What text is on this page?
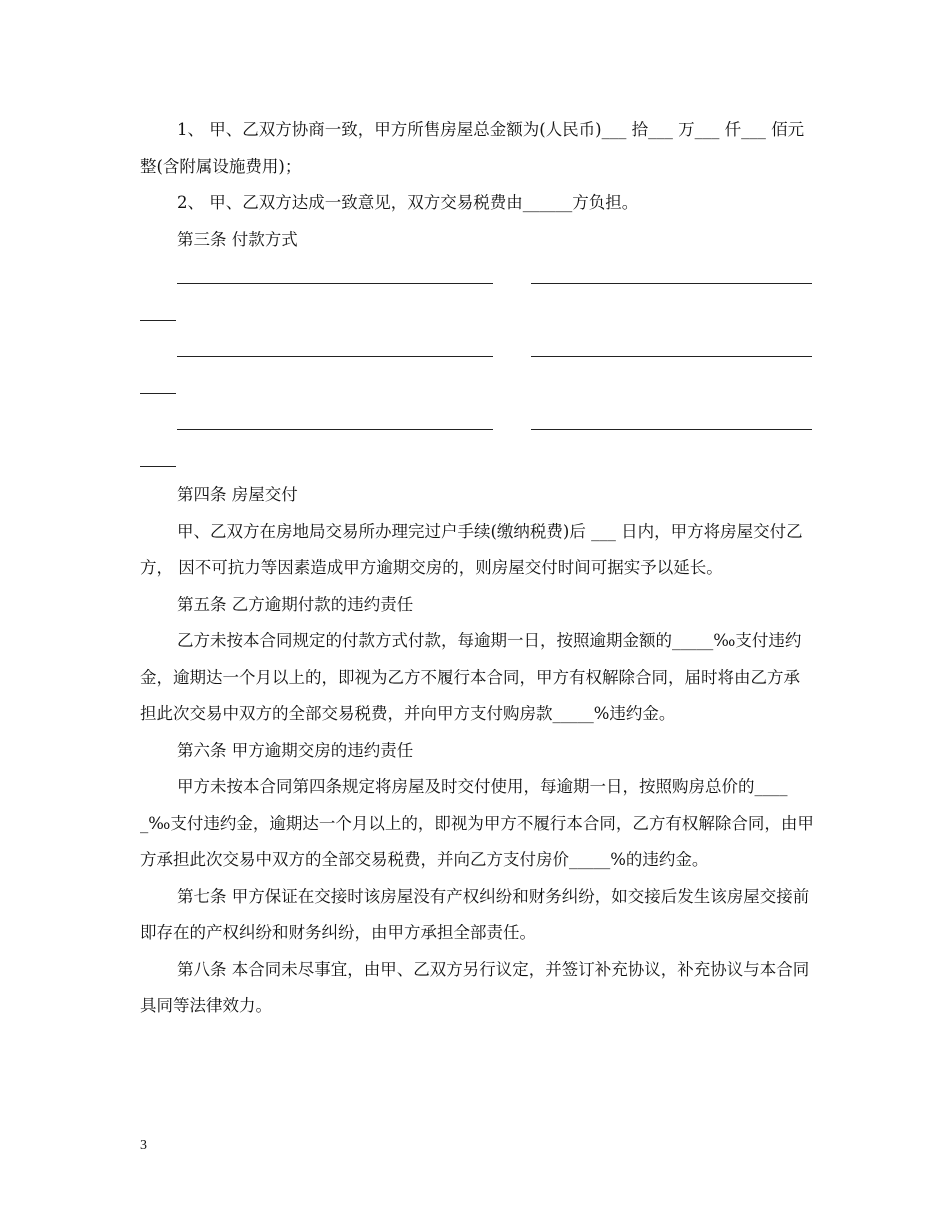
1、 甲、乙双方协商一致，甲方所售房屋总金额为(人民币)___ 拾___ 万___ 仟___ 佰元整(含附属设施费用)；

2、 甲、乙双方达成一致意见，双方交易税费由______方负担。

第三条 付款方式

第四条 房屋交付

甲、乙双方在房地局交易所办理完过户手续(缴纳税费)后 ___ 日内，甲方将房屋交付乙方， 因不可抗力等因素造成甲方逾期交房的，则房屋交付时间可据实予以延长。

第五条 乙方逾期付款的违约责任

乙方未按本合同规定的付款方式付款，每逾期一日，按照逾期金额的_____‰支付违约金，逾期达一个月以上的，即视为乙方不履行本合同，甲方有权解除合同，届时将由乙方承担此次交易中双方的全部交易税费，并向甲方支付购房款_____%违约金。

第六条 甲方逾期交房的违约责任

甲方未按本合同第四条规定将房屋及时交付使用，每逾期一日，按照购房总价的_____‰支付违约金，逾期达一个月以上的，即视为甲方不履行本合同，乙方有权解除合同，由甲方承担此次交易中双方的全部交易税费，并向乙方支付房价_____%的违约金。

第七条 甲方保证在交接时该房屋没有产权纠纷和财务纠纷，如交接后发生该房屋交接前即存在的产权纠纷和财务纠纷，由甲方承担全部责任。

第八条 本合同未尽事宜，由甲、乙双方另行议定，并签订补充协议，补充协议与本合同具同等法律效力。

3
